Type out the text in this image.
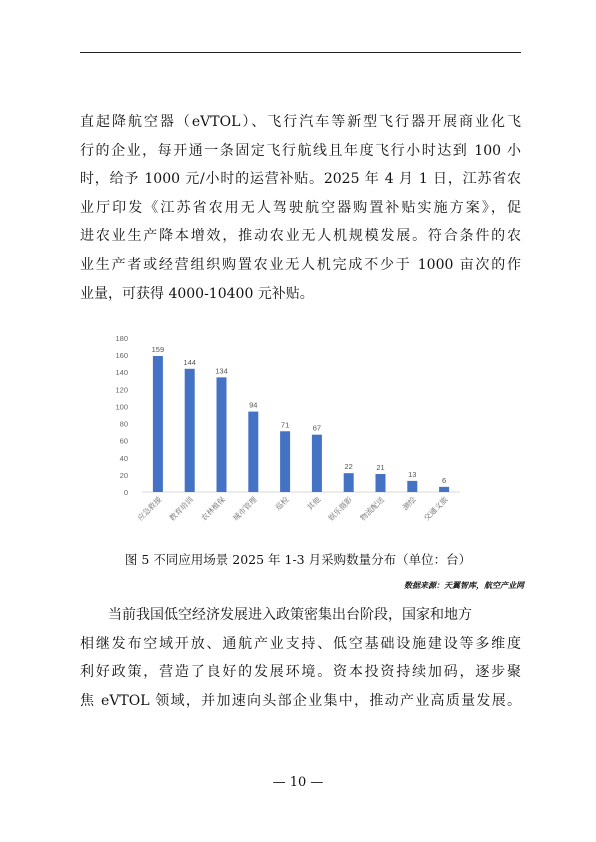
直起降航空器（eVTOL）、飞行汽车等新型飞行器开展商业化飞
行的企业，每开通一条固定飞行航线且年度飞行小时达到 100 小
时，给予 1000 元/小时的运营补贴。2025 年 4 月 1 日，江苏省农
业厅印发《江苏省农用无人驾驶航空器购置补贴实施方案》，促
进农业生产降本增效，推动农业无人机规模发展。符合条件的农
业生产者或经营组织购置农业无人机完成不少于 1000 亩次的作
业量，可获得 4000-10400 元补贴。
0
20
40
60
80
100
120
140
160
180
159
应急救援
144
教育培训
134
农林植保
94
城市管理
71
巡检
67
其他
22
娱乐摄影
21
物流配送
13
测绘
6
交通文旅
图 5 不同应用场景 2025 年 1-3 月采购数量分布（单位：台）
数据来源：天翼智库，航空产业网
当前我国低空经济发展进入政策密集出台阶段，国家和地方
相继发布空域开放、通航产业支持、低空基础设施建设等多维度
利好政策，营造了良好的发展环境。资本投资持续加码，逐步聚
焦 eVTOL 领域，并加速向头部企业集中，推动产业高质量发展。
— 10 —
